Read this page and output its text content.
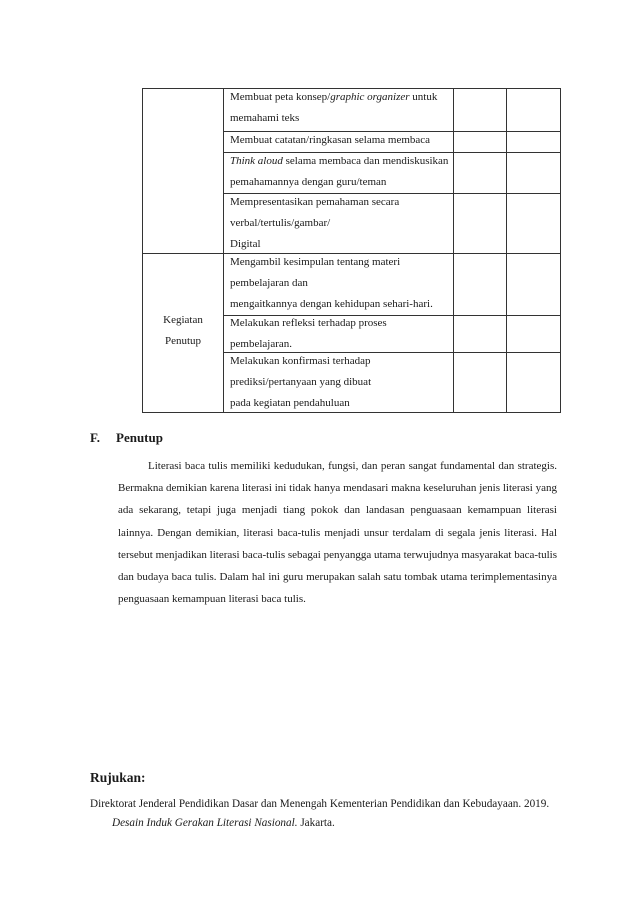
Membuat peta konsep/graphic organizer untuk
memahami teks
Membuat catatan/ringkasan selama membaca
Think aloud selama membaca dan mendiskusikan
pemahamannya dengan guru/teman
Mempresentasikan pemahaman secara
verbal/tertulis/gambar/
Digital
Mengambil kesimpulan tentang materi
pembelajaran dan
mengaitkannya dengan kehidupan sehari-hari.
Melakukan refleksi terhadap proses
pembelajaran.
Melakukan konfirmasi terhadap
prediksi/pertanyaan yang dibuat
pada kegiatan pendahuluan
Kegiatan
Penutup
F. Penutup
Literasi baca tulis memiliki kedudukan, fungsi, dan peran sangat fundamental dan strategis. Bermakna demikian karena literasi ini tidak hanya mendasari makna keseluruhan jenis literasi yang ada sekarang, tetapi juga menjadi tiang pokok dan landasan penguasaan kemampuan literasi lainnya. Dengan demikian, literasi baca-tulis menjadi unsur terdalam di segala jenis literasi. Hal tersebut menjadikan literasi baca-tulis sebagai penyangga utama terwujudnya masyarakat baca-tulis dan budaya baca tulis. Dalam hal ini guru merupakan salah satu tombak utama terimplementasinya penguasaan kemampuan literasi baca tulis.
Rujukan:
Direktorat Jenderal Pendidikan Dasar dan Menengah Kementerian Pendidikan dan Kebudayaan. 2019.
Desain Induk Gerakan Literasi Nasional. Jakarta.
